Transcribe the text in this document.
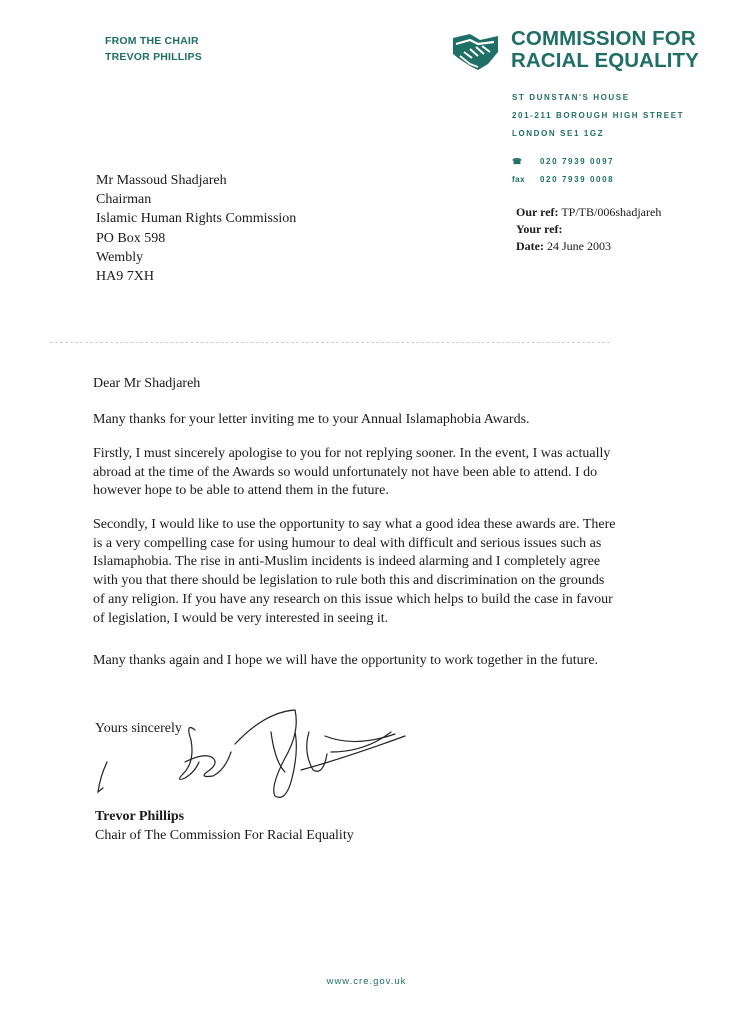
FROM THE CHAIR
TREVOR PHILLIPS
COMMISSION FOR
RACIAL EQUALITY
ST DUNSTAN'S HOUSE
201-211 BOROUGH HIGH STREET
LONDON SE1 1GZ
☎ 020 7939 0097
fax 020 7939 0008
Mr Massoud Shadjareh
Chairman
Islamic Human Rights Commission
PO Box 598
Wembly
HA9 7XH
Our ref: TP/TB/006shadjareh
Your ref:
Date: 24 June 2003
Dear Mr Shadjareh

Many thanks for your letter inviting me to your Annual Islamaphobia Awards.

Firstly, I must sincerely apologise to you for not replying sooner. In the event, I was actually abroad at the time of the Awards so would unfortunately not have been able to attend. I do however hope to be able to attend them in the future.

Secondly, I would like to use the opportunity to say what a good idea these awards are. There is a very compelling case for using humour to deal with difficult and serious issues such as Islamaphobia. The rise in anti-Muslim incidents is indeed alarming and I completely agree with you that there should be legislation to rule both this and discrimination on the grounds of any religion. If you have any research on this issue which helps to build the case in favour of legislation, I would be very interested in seeing it.

Many thanks again and I hope we will have the opportunity to work together in the future.

Yours sincerely
Trevor Phillips
Chair of The Commission For Racial Equality
www.cre.gov.uk
